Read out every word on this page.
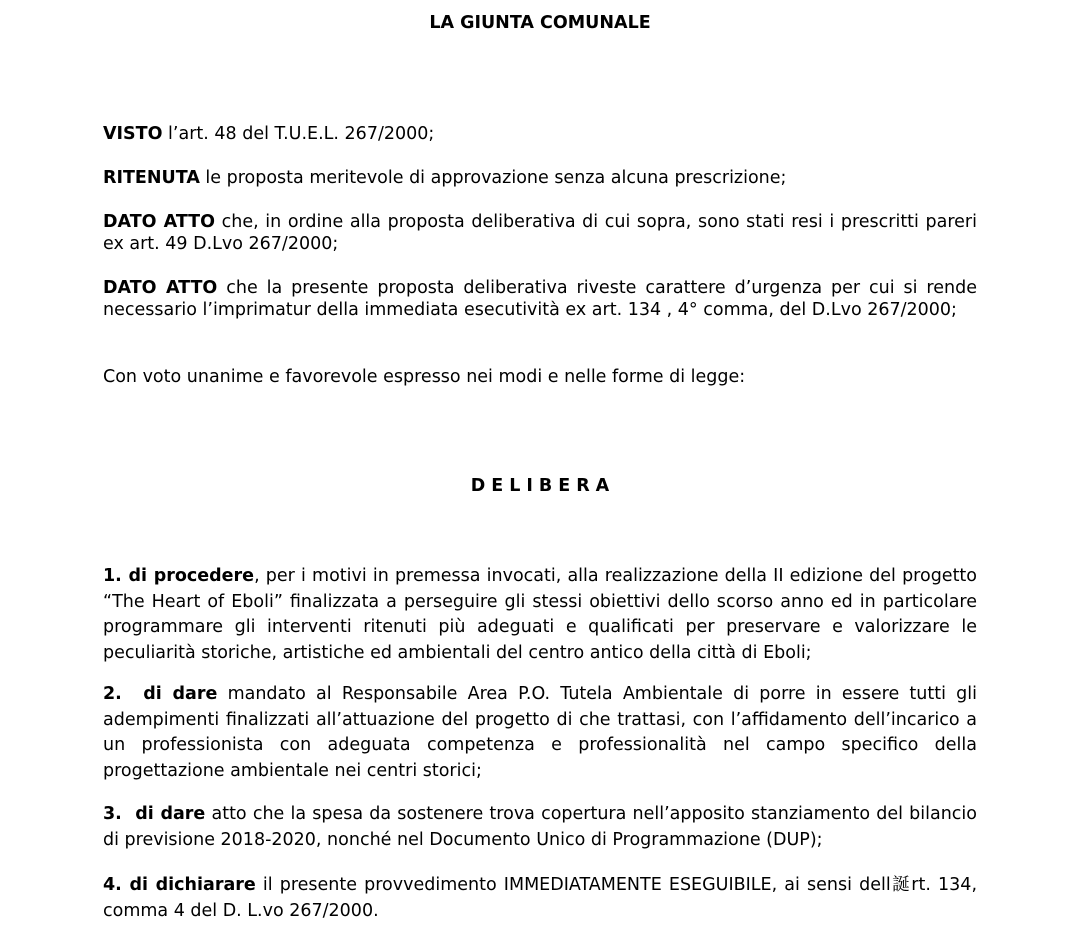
LA GIUNTA COMUNALE
VISTO l’art. 48 del T.U.E.L. 267/2000;
RITENUTA le proposta meritevole di approvazione senza alcuna prescrizione;
DATO ATTO che, in ordine alla proposta deliberativa di cui sopra, sono stati resi i prescritti pareri ex art. 49 D.Lvo 267/2000;
DATO ATTO che la presente proposta deliberativa riveste carattere d’urgenza per cui si rende necessario l’imprimatur della immediata esecutività ex art. 134 , 4° comma, del D.Lvo 267/2000;
Con voto unanime e favorevole espresso nei modi e nelle forme di legge:
DELIBERA
1. di procedere, per i motivi in premessa invocati, alla realizzazione della II edizione del progetto “The Heart of Eboli” finalizzata a perseguire gli stessi obiettivi dello scorso anno ed in particolare programmare gli interventi ritenuti più adeguati e qualificati per preservare e valorizzare le peculiarità storiche, artistiche ed ambientali del centro antico della città di Eboli;
2.  di dare mandato al Responsabile Area P.O. Tutela Ambientale di porre in essere tutti gli adempimenti finalizzati all’attuazione del progetto di che trattasi, con l’affidamento dell’incarico a un professionista con adeguata competenza e professionalità nel campo specifico della progettazione ambientale nei centri storici;
3.  di dare atto che la spesa da sostenere trova copertura nell’apposito stanziamento del bilancio di previsione 2018-2020, nonché nel Documento Unico di Programmazione (DUP);
4. di dichiarare il presente provvedimento IMMEDIATAMENTE ESEGUIBILE, ai sensi dell誕rt. 134, comma 4 del D. L.vo 267/2000.
